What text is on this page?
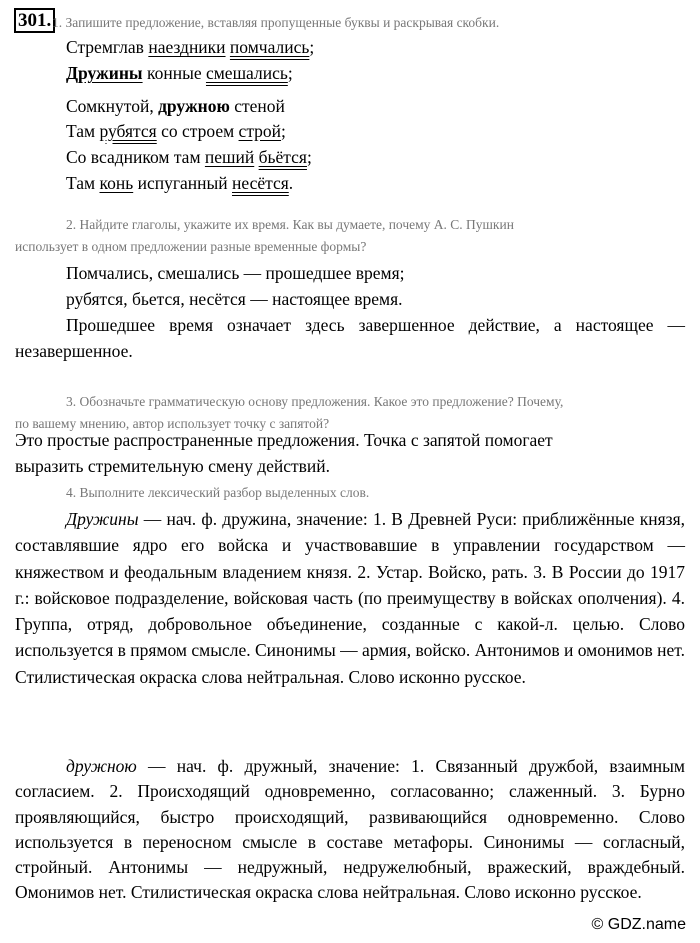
301. 1. Запишите предложение, вставляя пропущенные буквы и раскрывая скобки.
Стремглав наездники помчались;
Дружины конные смешались;
Сомкнутой, дружною стеной
Там рубятся со строем строй;
Со всадником там пеший бьётся;
Там конь испуганный несётся.
2. Найдите глаголы, укажите их время. Как вы думаете, почему А. С. Пушкин
использует в одном предложении разные временные формы?
Помчались, смешались — прошедшее время;
рубятся, бьется, несётся — настоящее время.
Прошедшее время означает здесь завершенное действие, а настоящее — незавершенное.
3. Обозначьте грамматическую основу предложения. Какое это предложение? Почему,
по вашему мнению, автор использует точку с запятой?
Это простые распространенные предложения. Точка с запятой помогает
выразить стремительную смену действий.
4. Выполните лексический разбор выделенных слов.
Дружины — нач. ф. дружина, значение: 1. В Древней Руси: приближённые князя, составлявшие ядро его войска и участвовавшие в управлении государством — княжеством и феодальным владением князя. 2. Устар. Войско, рать. 3. В России до 1917 г.: войсковое подразделение, войсковая часть (по преимуществу в войсках ополчения). 4. Группа, отряд, добровольное объединение, созданные с какой-л. целью. Слово используется в прямом смысле. Синонимы — армия, войско. Антонимов и омонимов нет. Стилистическая окраска слова нейтральная. Слово исконно русское.
дружною — нач. ф. дружный, значение: 1. Связанный дружбой, взаимным согласием. 2. Происходящий одновременно, согласованно; слаженный. 3. Бурно проявляющийся, быстро происходящий, развивающийся одновременно. Слово используется в переносном смысле в составе метафоры. Синонимы — согласный, стройный. Антонимы — недружный, недружелюбный, вражеский, враждебный. Омонимов нет. Стилистическая окраска слова нейтральная. Слово исконно русское.
© GDZ.name
